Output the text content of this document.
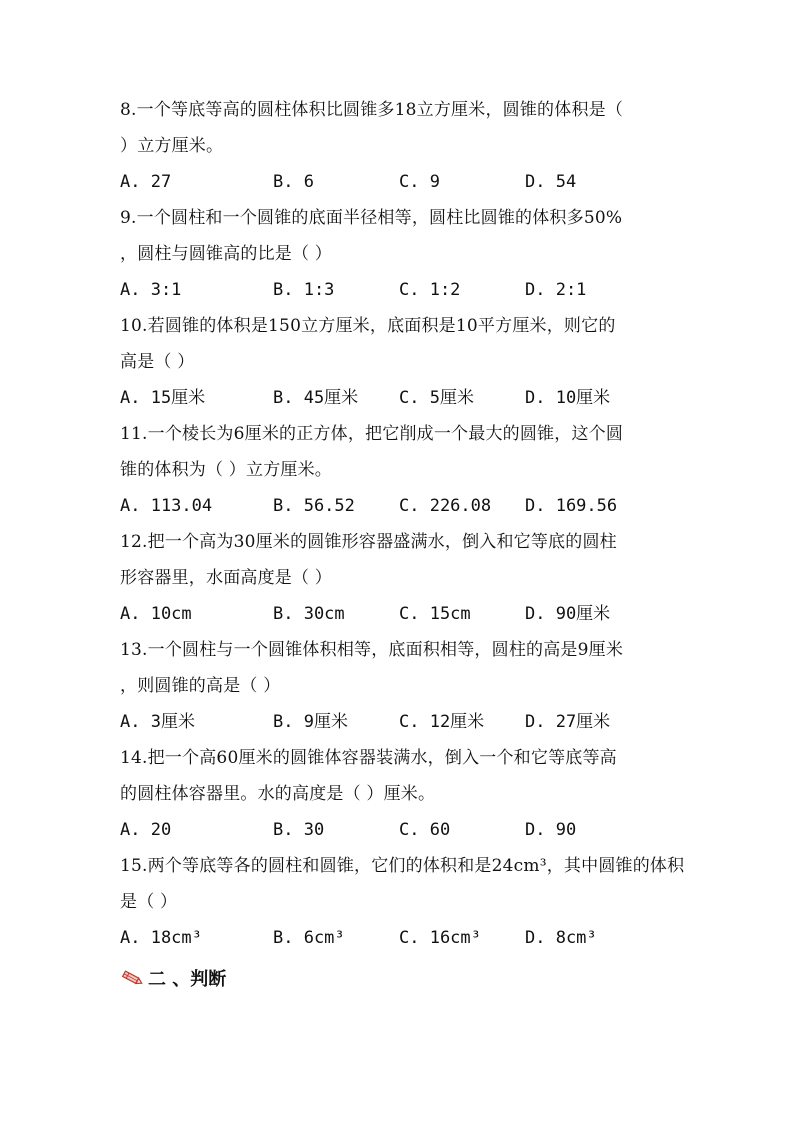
8.一个等底等高的圆柱体积比圆锥多18立方厘米，圆锥的体积是（
）立方厘米。
A. 27	B. 6	C. 9	D. 54
9.一个圆柱和一个圆锥的底面半径相等，圆柱比圆锥的体积多50%
，圆柱与圆锥高的比是（ ）
A. 3:1	B. 1:3	C. 1:2	D. 2:1
10.若圆锥的体积是150立方厘米，底面积是10平方厘米，则它的
高是（ ）
A. 15厘米	B. 45厘米 C. 5厘米	D. 10厘米
11.一个棱长为6厘米的正方体，把它削成一个最大的圆锥，这个圆
锥的体积为（ ）立方厘米。
A. 113.04	B. 56.52	C. 226.08 D. 169.56
12.把一个高为30厘米的圆锥形容器盛满水，倒入和它等底的圆柱
形容器里，水面高度是（ ）
A. 10cm	B. 30cm	C. 15cm	D. 90厘米
13.一个圆柱与一个圆锥体积相等，底面积相等，圆柱的高是9厘米
，则圆锥的高是（ ）
A. 3厘米	B. 9厘米	C. 12厘米 D. 27厘米
14.把一个高60厘米的圆锥体容器装满水，倒入一个和它等底等高
的圆柱体容器里。水的高度是（ ）厘米。
A. 20	B. 30	C. 60	D. 90
15.两个等底等各的圆柱和圆锥，它们的体积和是24cm³，其中圆锥的体积
是（ ）
A. 18cm³	B. 6cm³	C. 16cm³	D. 8cm³
二 、判断
